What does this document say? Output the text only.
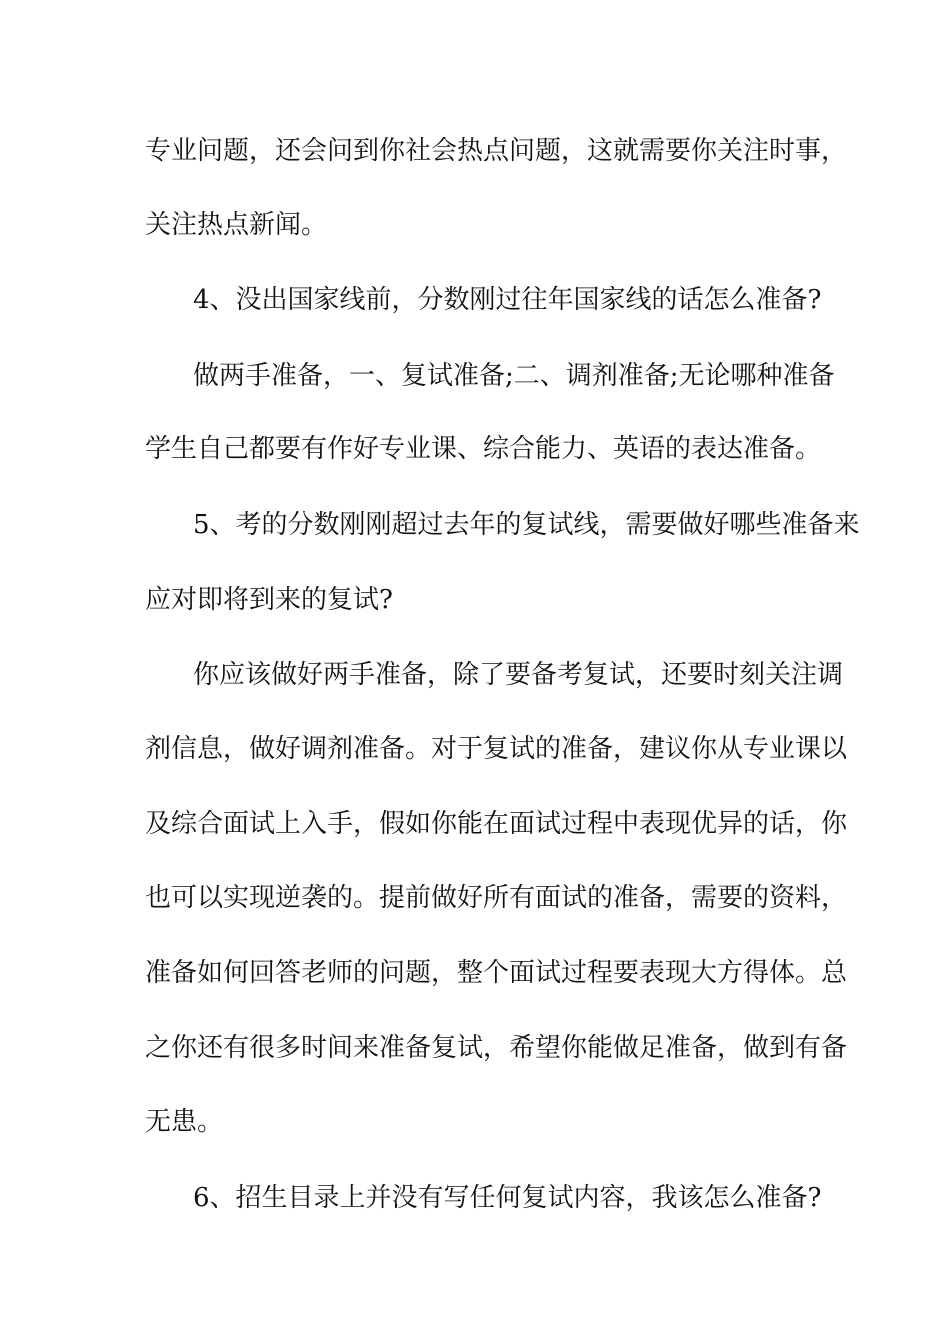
专业问题，还会问到你社会热点问题，这就需要你关注时事，

关注热点新闻。

4、没出国家线前，分数刚过往年国家线的话怎么准备?

做两手准备，一、复试准备;二、调剂准备;无论哪种准备

学生自己都要有作好专业课、综合能力、英语的表达准备。

5、考的分数刚刚超过去年的复试线，需要做好哪些准备来

应对即将到来的复试?

你应该做好两手准备，除了要备考复试，还要时刻关注调

剂信息，做好调剂准备。对于复试的准备，建议你从专业课以

及综合面试上入手，假如你能在面试过程中表现优异的话，你

也可以实现逆袭的。提前做好所有面试的准备，需要的资料，

准备如何回答老师的问题，整个面试过程要表现大方得体。总

之你还有很多时间来准备复试，希望你能做足准备，做到有备

无患。

6、招生目录上并没有写任何复试内容，我该怎么准备?
